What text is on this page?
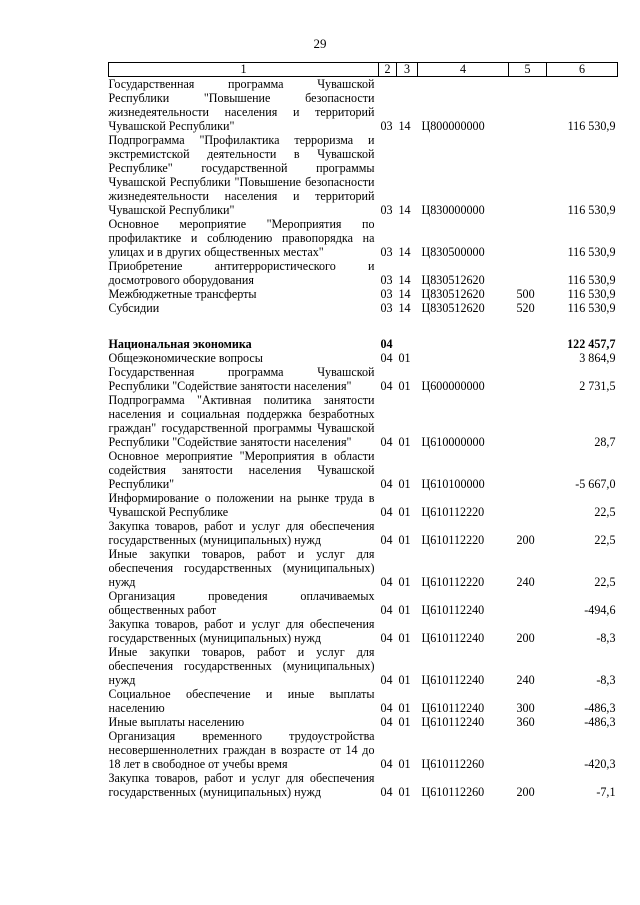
29
1	2	3	4	5	6
Государственная программа Чувашской Республики "Повышение безопасности жизнедеятельности населения и территорий Чувашской Республики"	03	14	Ц800000000		116 530,9
Подпрограмма "Профилактика терроризма и экстремистской деятельности в Чувашской Республике" государственной программы Чувашской Республики "Повышение безопасности жизнедеятельности населения и территорий Чувашской Республики"	03	14	Ц830000000		116 530,9
Основное мероприятие "Мероприятия по профилактике и соблюдению правопорядка на улицах и в других общественных местах"	03	14	Ц830500000		116 530,9
Приобретение антитеррористического и досмотрового оборудования	03	14	Ц830512620		116 530,9
Межбюджетные трансферты	03	14	Ц830512620	500	116 530,9
Субсидии	03	14	Ц830512620	520	116 530,9

Национальная экономика	04				122 457,7
Общеэкономические вопросы	04	01			3 864,9
Государственная программа Чувашской Республики "Содействие занятости населения"	04	01	Ц600000000		2 731,5
Подпрограмма "Активная политика занятости населения и социальная поддержка безработных граждан" государственной программы Чувашской Республики "Содействие занятости населения"	04	01	Ц610000000		28,7
Основное мероприятие "Мероприятия в области содействия занятости населения Чувашской Республики"	04	01	Ц610100000		-5 667,0
Информирование о положении на рынке труда в Чувашской Республике	04	01	Ц610112220		22,5
Закупка товаров, работ и услуг для обеспечения государственных (муниципальных) нужд	04	01	Ц610112220	200	22,5
Иные закупки товаров, работ и услуг для обеспечения государственных (муниципальных) нужд	04	01	Ц610112220	240	22,5
Организация проведения оплачиваемых общественных работ	04	01	Ц610112240		-494,6
Закупка товаров, работ и услуг для обеспечения государственных (муниципальных) нужд	04	01	Ц610112240	200	-8,3
Иные закупки товаров, работ и услуг для обеспечения государственных (муниципальных) нужд	04	01	Ц610112240	240	-8,3
Социальное обеспечение и иные выплаты населению	04	01	Ц610112240	300	-486,3
Иные выплаты населению	04	01	Ц610112240	360	-486,3
Организация временного трудоустройства несовершеннолетних граждан в возрасте от 14 до 18 лет в свободное от учебы время	04	01	Ц610112260		-420,3
Закупка товаров, работ и услуг для обеспечения государственных (муниципальных) нужд	04	01	Ц610112260	200	-7,1
